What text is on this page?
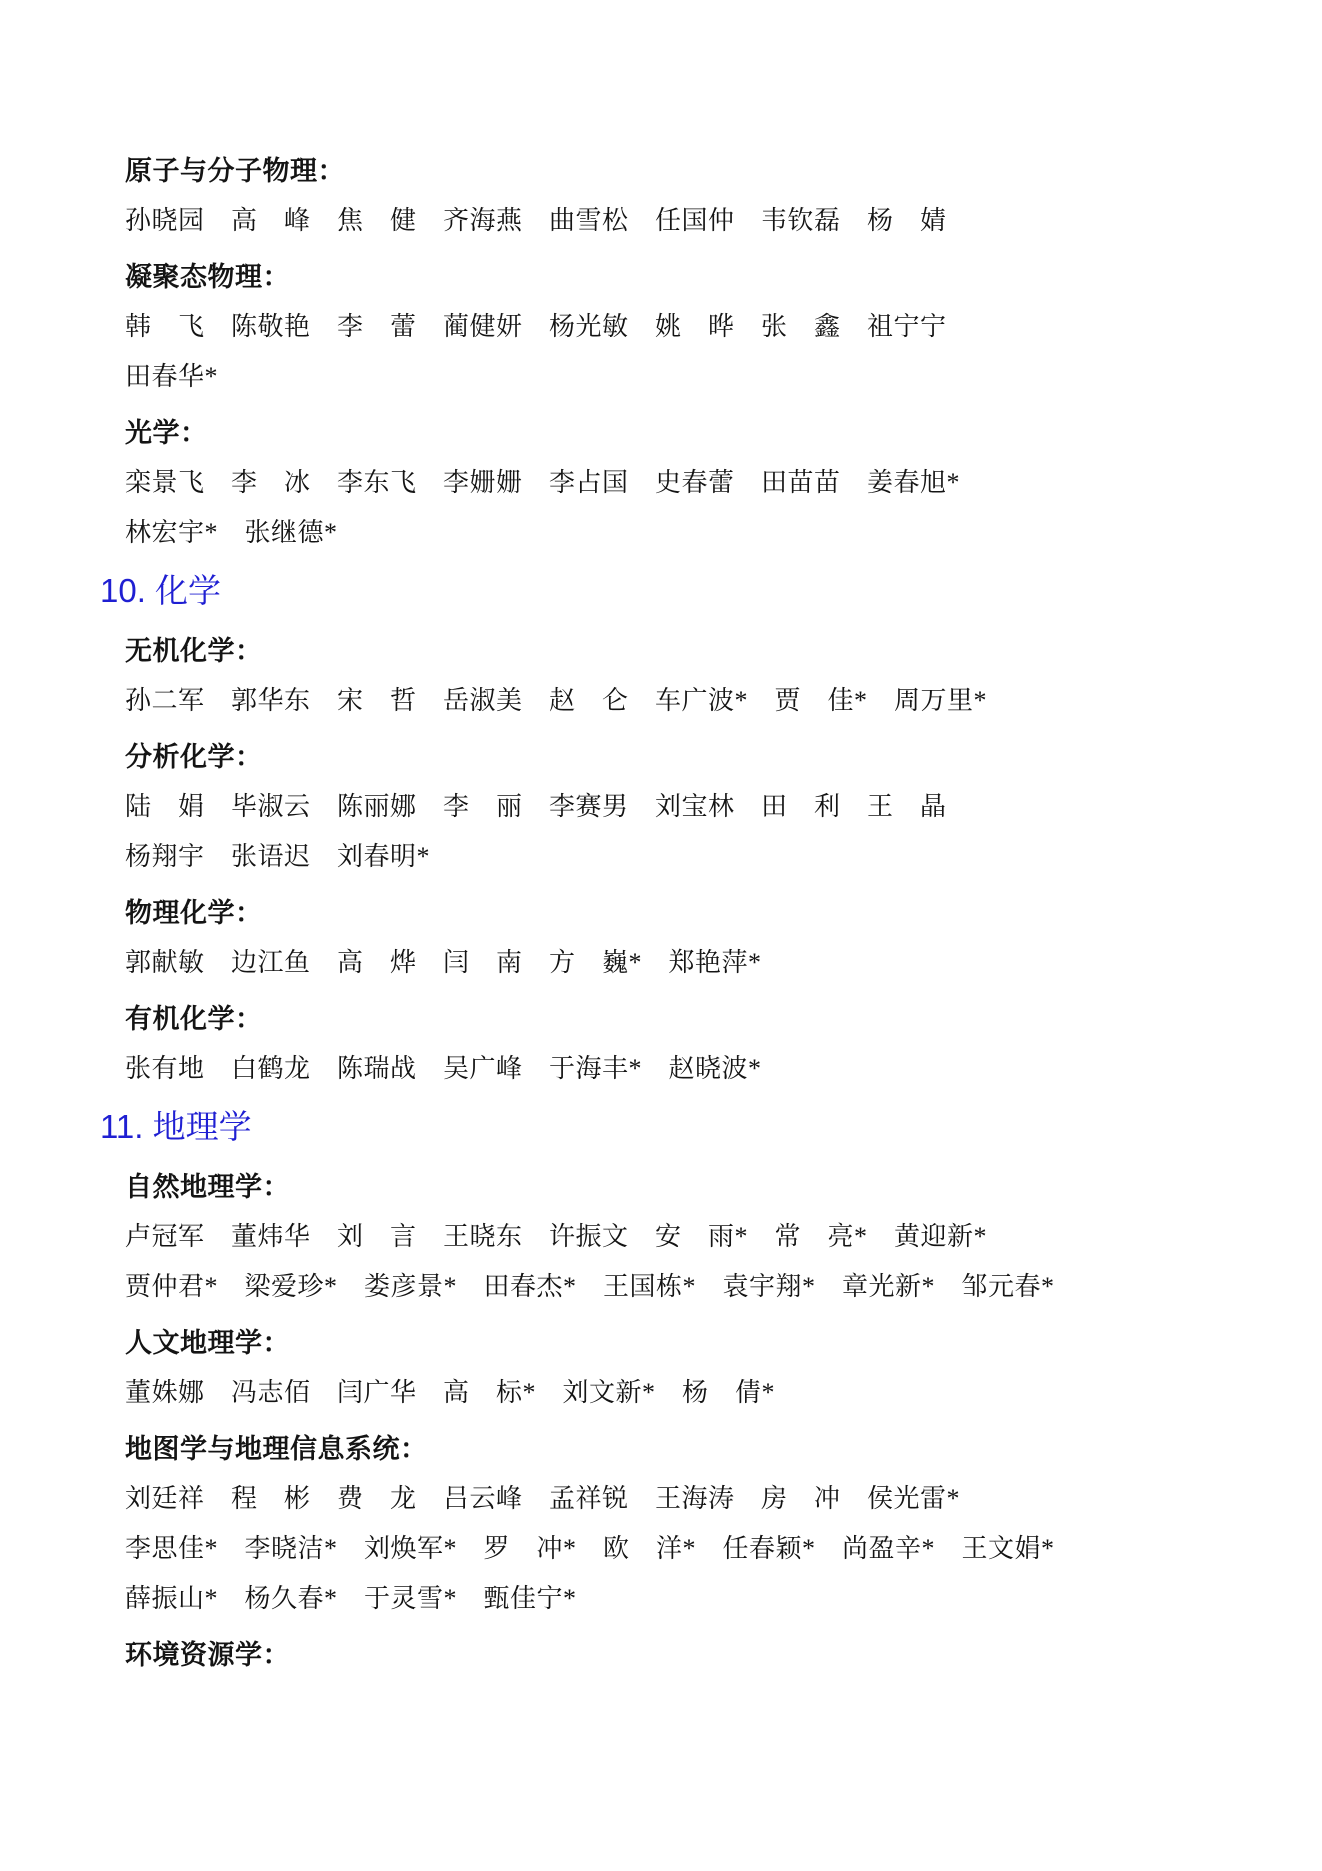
原子与分子物理：
孙晓园　高　峰　焦　健　齐海燕　曲雪松　任国仲　韦钦磊　杨　婧
凝聚态物理：
韩　飞　陈敬艳　李　蕾　蔺健妍　杨光敏　姚　晔　张　鑫　祖宁宁
田春华*
光学：
栾景飞　李　冰　李东飞　李姗姗　李占国　史春蕾　田苗苗　姜春旭*
林宏宇*　张继德*
10. 化学
无机化学：
孙二军　郭华东　宋　哲　岳淑美　赵　仑　车广波*　贾　佳*　周万里*
分析化学：
陆　娟　毕淑云　陈丽娜　李　丽　李赛男　刘宝林　田　利　王　晶
杨翔宇　张语迟　刘春明*
物理化学：
郭献敏　边江鱼　高　烨　闫　南　方　巍*　郑艳萍*
有机化学：
张有地　白鹤龙　陈瑞战　吴广峰　于海丰*　赵晓波*
11. 地理学
自然地理学：
卢冠军　董炜华　刘　言　王晓东　许振文　安　雨*　常　亮*　黄迎新*
贾仲君*　梁爱珍*　娄彦景*　田春杰*　王国栋*　袁宇翔*　章光新*　邹元春*
人文地理学：
董姝娜　冯志佰　闫广华　高　标*　刘文新*　杨　倩*
地图学与地理信息系统：
刘廷祥　程　彬　费　龙　吕云峰　孟祥锐　王海涛　房　冲　侯光雷*
李思佳*　李晓洁*　刘焕军*　罗　冲*　欧　洋*　任春颖*　尚盈辛*　王文娟*
薛振山*　杨久春*　于灵雪*　甄佳宁*
环境资源学：
